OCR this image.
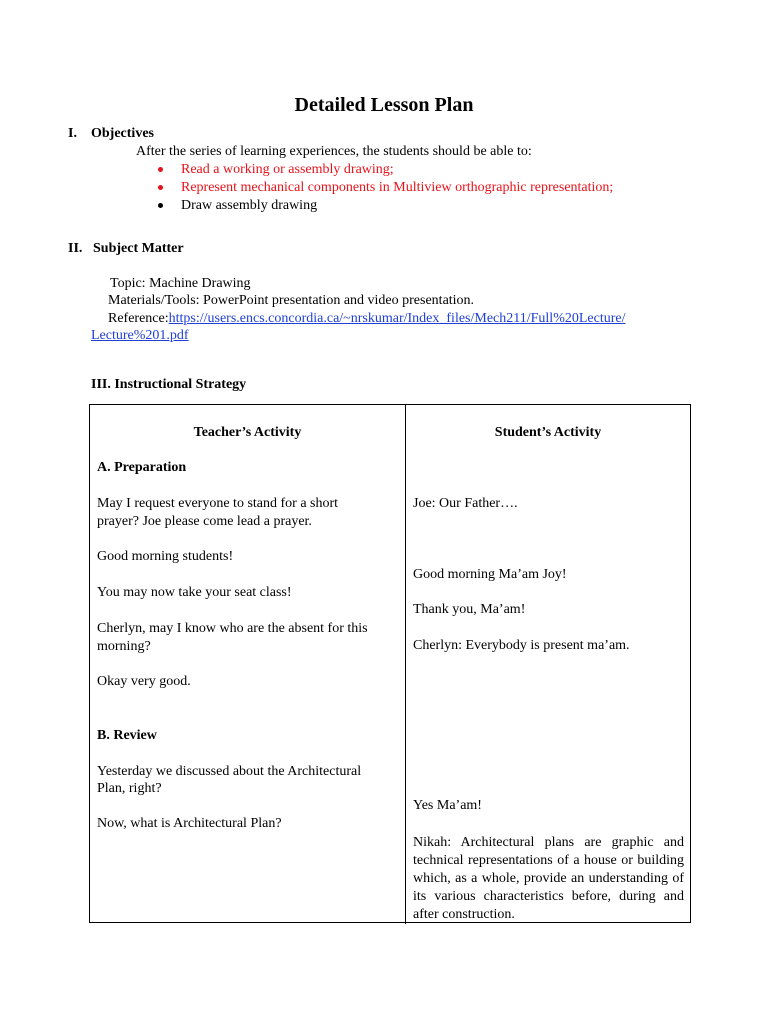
Detailed Lesson Plan
I. Objectives
After the series of learning experiences, the students should be able to:
Read a working or assembly drawing;
Represent mechanical components in Multiview orthographic representation;
Draw assembly drawing
II. Subject Matter
Topic: Machine Drawing
Materials/Tools: PowerPoint presentation and video presentation.
Reference:https://users.encs.concordia.ca/~nrskumar/Index_files/Mech211/Full%20Lecture/
Lecture%201.pdf
III. Instructional Strategy
Teacher’s Activity	Student’s Activity
A. Preparation
May I request everyone to stand for a short
prayer? Joe please come lead a prayer.
Good morning students!
You may now take your seat class!
Cherlyn, may I know who are the absent for this
morning?
Okay very good.
B. Review
Yesterday we discussed about the Architectural
Plan, right?
Now, what is Architectural Plan?
Joe: Our Father….
Good morning Ma’am Joy!
Thank you, Ma’am!
Cherlyn: Everybody is present ma’am.
Yes Ma’am!
Nikah: Architectural plans are graphic and technical representations of a house or building which, as a whole, provide an understanding of its various characteristics before, during and after construction.
